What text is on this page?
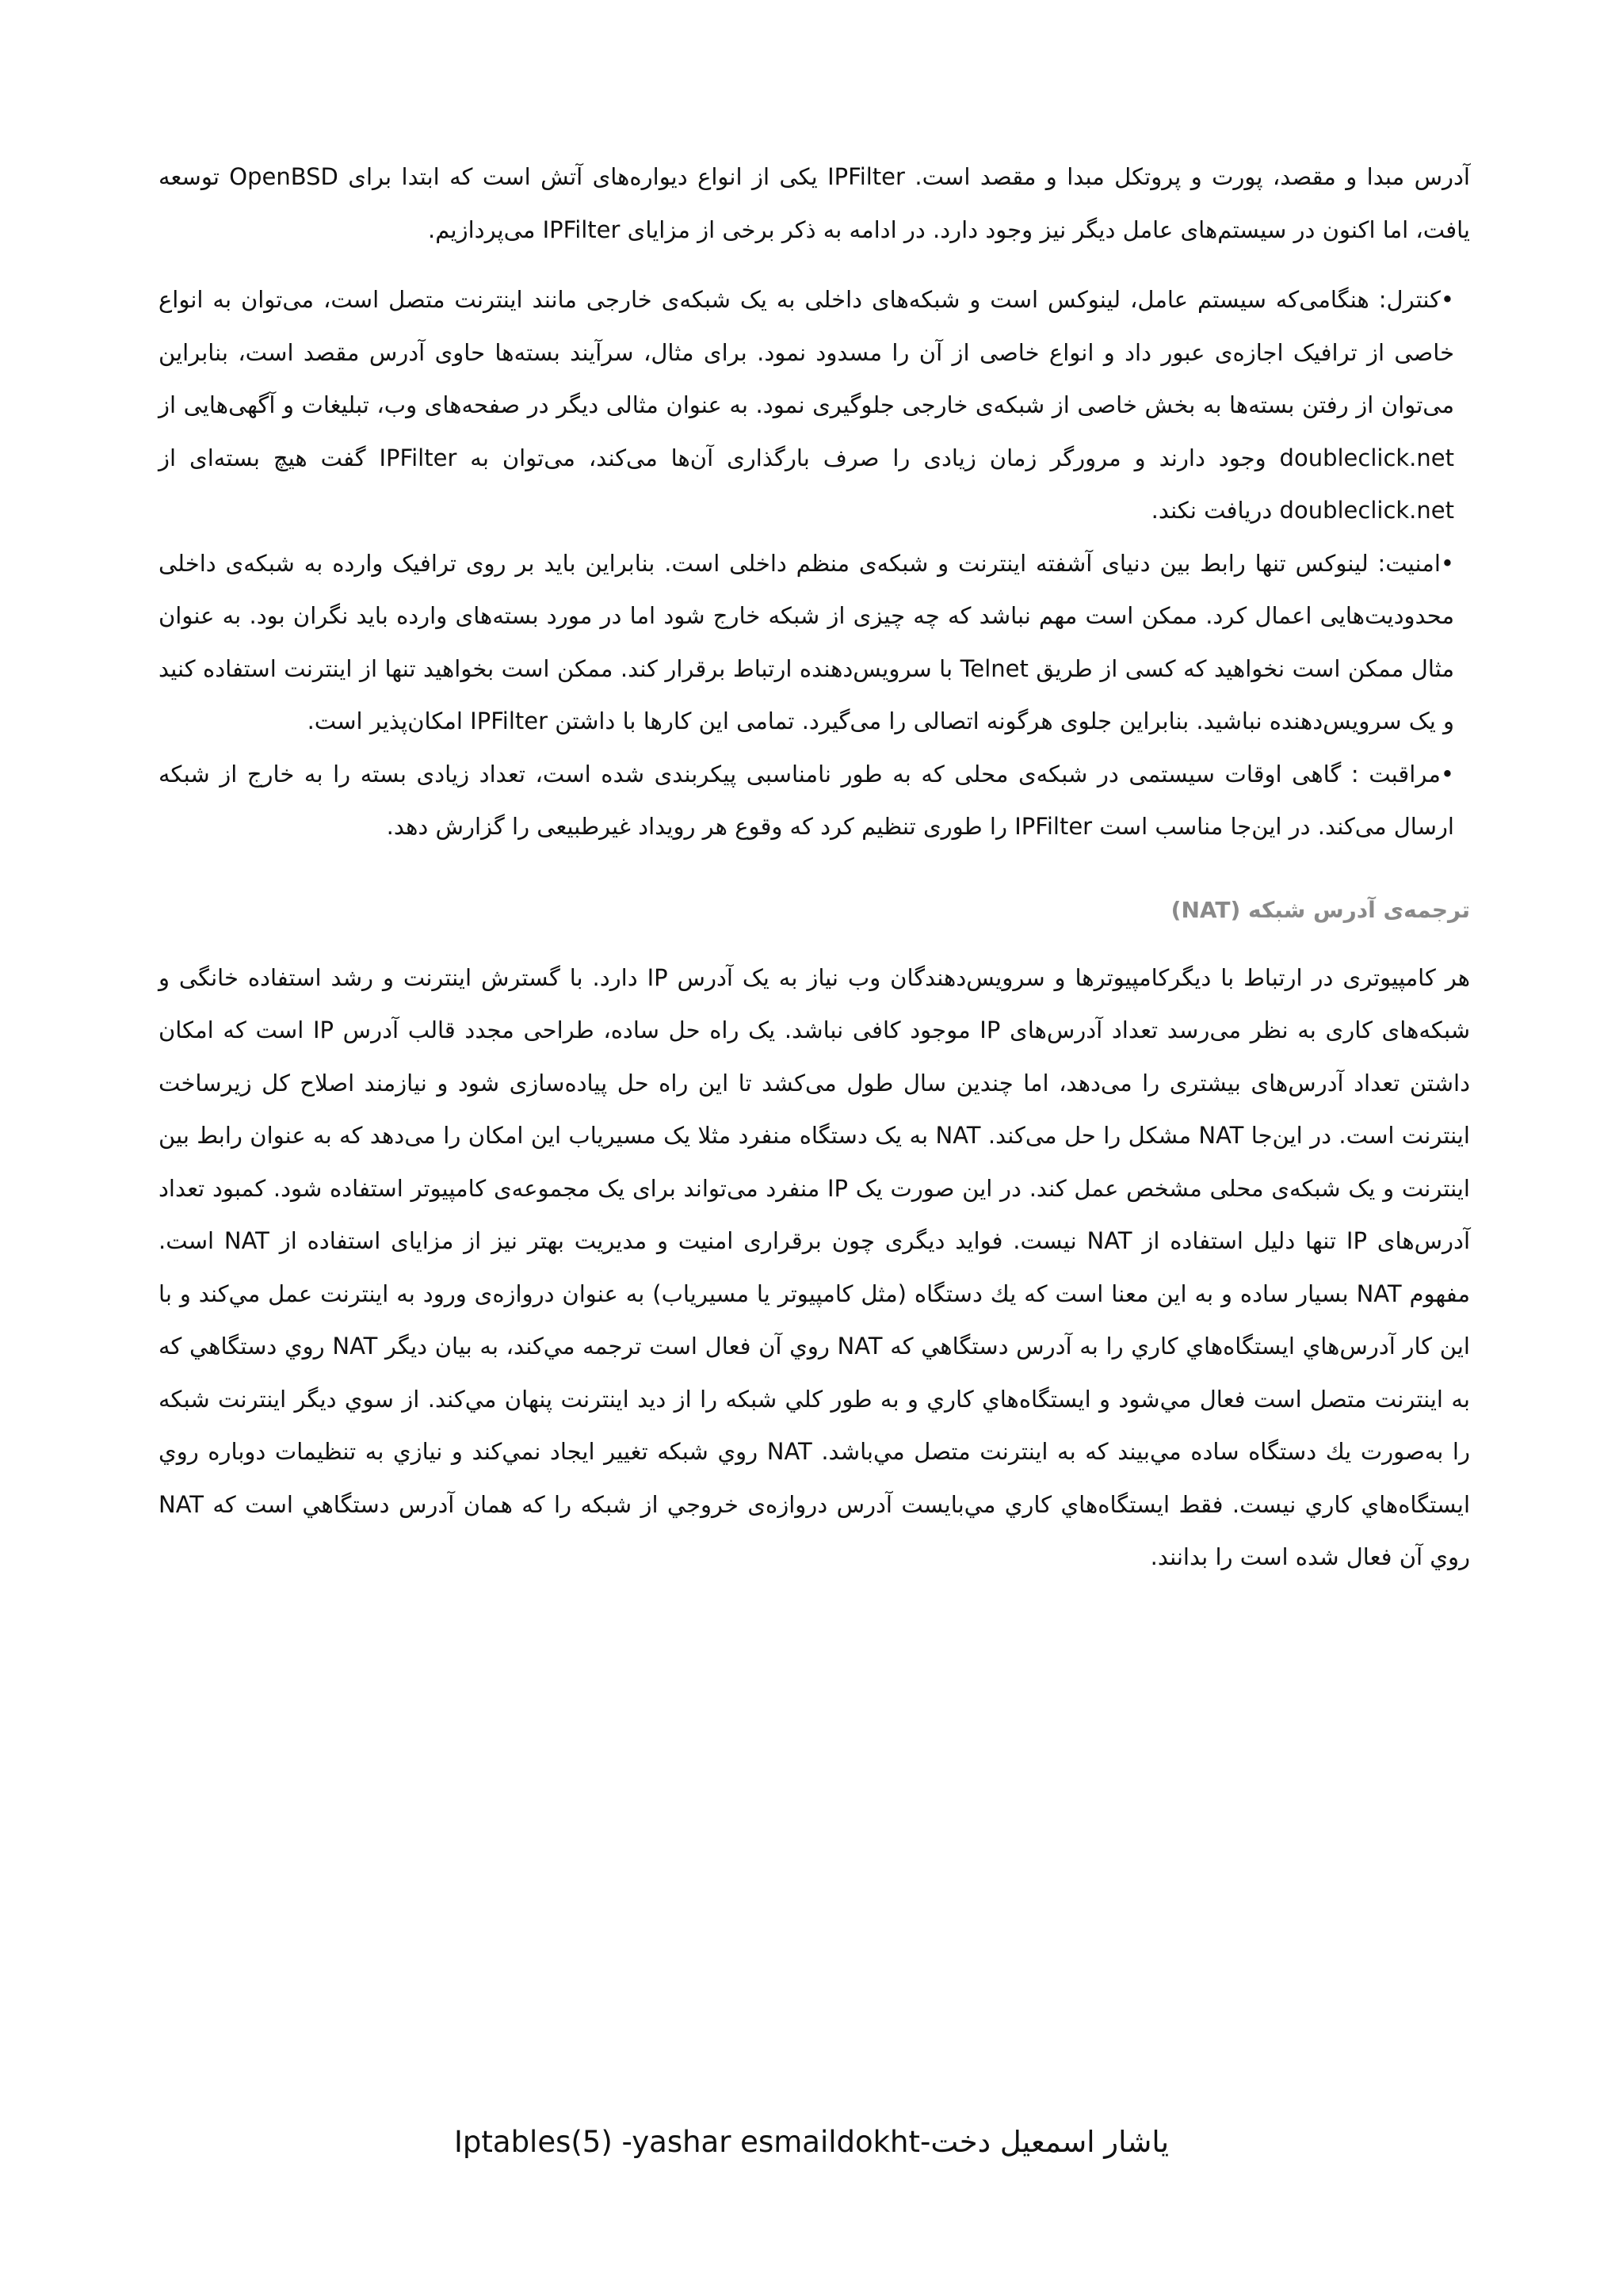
آدرس مبدا و مقصد، پورت و پروتکل مبدا و مقصد است. IPFilter یکی از انواع دیواره‌های آتش است که ابتدا برای OpenBSD توسعه یافت، اما اکنون در سیستم‌های عامل دیگر نیز وجود دارد. در ادامه به ذکر برخی از مزایای IPFilter می‌پردازیم.

•کنترل: هنگامی‌که سیستم عامل، لینوکس است و شبکه‌های داخلی به یک شبکه‌ی خارجی مانند اینترنت متصل است، می‌توان به انواع خاصی از ترافیک اجازه‌ی عبور داد و انواع خاصی از آن را مسدود نمود. برای مثال، سرآیند بسته‌ها حاوی آدرس مقصد است، بنابراین می‌توان از رفتن بسته‌ها به بخش خاصی از شبکه‌ی خارجی جلوگیری نمود. به عنوان مثالی دیگر در صفحه‌های وب، تبلیغات و آگهی‌هایی از doubleclick.net وجود دارند و مرورگر زمان زیادی را صرف بارگذاری آن‌ها می‌کند، می‌توان به IPFilter گفت هیچ بسته‌ای از doubleclick.net دریافت نکند.
•امنیت: لینوکس تنها رابط بین دنیای آشفته اینترنت و شبکه‌ی منظم داخلی است. بنابراین باید بر روی ترافیک وارده به شبکه‌ی داخلی محدودیت‌هایی اعمال کرد. ممکن است مهم نباشد که چه چیزی از شبکه خارج شود اما در مورد بسته‌های وارده باید نگران بود. به عنوان مثال ممکن است نخواهید که کسی از طریق Telnet با سرویس‌دهنده ارتباط برقرار کند. ممکن است بخواهید تنها از اینترنت استفاده کنید و یک سرویس‌دهنده نباشید. بنابراین جلوی هرگونه اتصالی را می‌گیرد. تمامی این کارها با داشتن IPFilter امکان‌پذیر است.
•مراقبت : گاهی اوقات سیستمی در شبکه‌ی محلی که به طور نامناسبی پیکربندی شده است، تعداد زیادی بسته را به خارج از شبکه ارسال می‌کند. در این‌جا مناسب است IPFilter را طوری تنظیم کرد که وقوع هر رویداد غیرطبیعی را گزارش دهد.
ترجمه‌ی آدرس شبکه (NAT)

هر کامپیوتری در ارتباط با دیگرکامپیوترها و سرویس‌دهندگان وب نیاز به یک آدرس IP دارد. با گسترش اینترنت و رشد استفاده خانگی و شبکه‌های کاری به نظر می‌رسد تعداد آدرس‌های IP موجود کافی نباشد. یک راه حل ساده، طراحی مجدد قالب آدرس IP است که امکان داشتن تعداد آدرس‌های بیشتری را می‌دهد، اما چندین سال طول می‌کشد تا این راه حل پیاده‌سازی شود و نیازمند اصلاح کل زیرساخت اینترنت است. در این‌جا NAT مشکل را حل می‌کند. NAT به یک دستگاه منفرد مثلا یک مسیریاب این امکان را می‌دهد که به عنوان رابط بین اینترنت و یک شبکه‌ی محلی مشخص عمل کند. در این صورت یک IP منفرد می‌تواند برای یک مجموعه‌ی کامپیوتر استفاده شود. کمبود تعداد آدرس‌های IP تنها دلیل استفاده از NAT نیست. فواید دیگری چون برقراری امنیت و مدیریت بهتر نیز از مزایای استفاده از NAT است. مفهوم NAT بسیار ساده و به این معنا است که يك دستگاه (مثل کامپیوتر یا مسیریاب) به عنوان دروازه‌ی ورود به اینترنت عمل مي‌کند و با این کار آدرس‌هاي ایستگاه‌هاي کاري را به آدرس دستگاهي که NAT روي آن فعال است ترجمه مي‌کند، به بیان دیگر NAT روي دستگاهي که به اینترنت متصل است فعال مي‌شود و ایستگاه‌هاي کاري و به طور کلي شبکه را از دید اینترنت پنهان مي‌کند. از سوي دیگر اینترنت شبکه را به‌صورت يك دستگاه ساده مي‌بیند که به اینترنت متصل مي‌باشد. NAT روي شبکه تغییر ایجاد نمي‌کند و نیازي به تنظیمات دوباره روي ایستگاه‌هاي کاري نیست. فقط ایستگاه‌هاي کاري مي‌بایست آدرس دروازه‌ی خروجي از شبکه را که همان آدرس دستگاهي است که NAT روي آن فعال شده است را بدانند.

Iptables(5) -yashar esmaildokht-یاشار اسمعیل دخت
